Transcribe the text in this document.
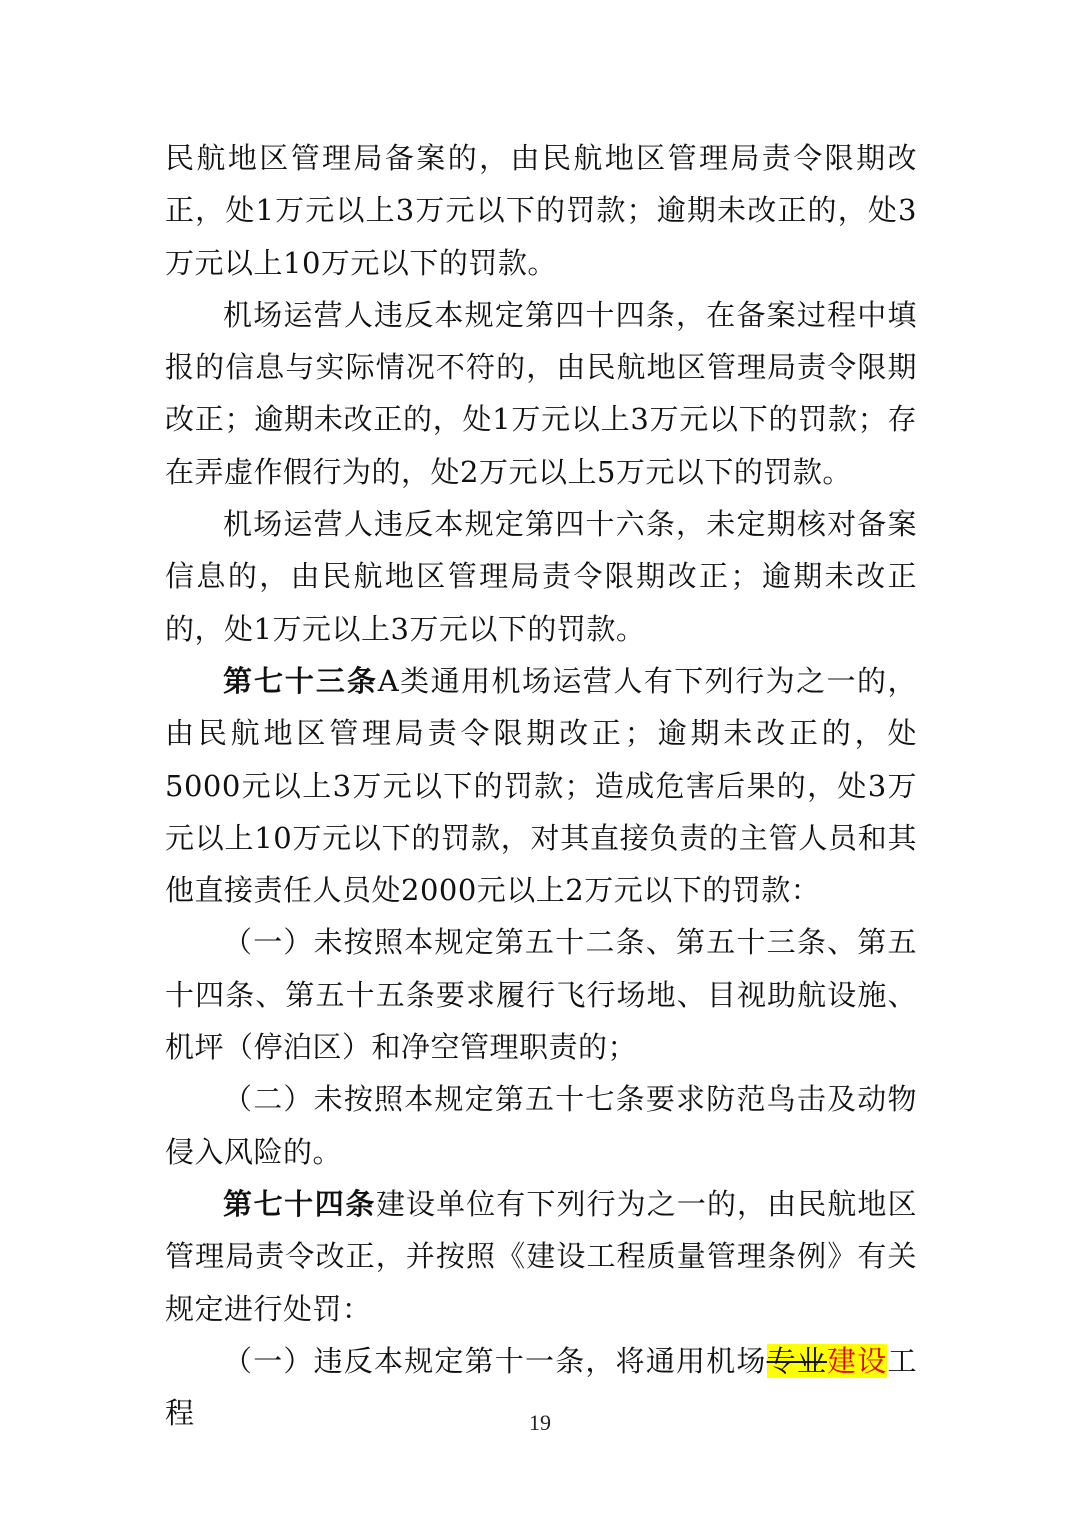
民航地区管理局备案的，由民航地区管理局责令限期改正，处1万元以上3万元以下的罚款；逾期未改正的，处3万元以上10万元以下的罚款。

机场运营人违反本规定第四十四条，在备案过程中填报的信息与实际情况不符的，由民航地区管理局责令限期改正；逾期未改正的，处1万元以上3万元以下的罚款；存在弄虚作假行为的，处2万元以上5万元以下的罚款。

机场运营人违反本规定第四十六条，未定期核对备案信息的，由民航地区管理局责令限期改正；逾期未改正的，处1万元以上3万元以下的罚款。

第七十三条A类通用机场运营人有下列行为之一的，由民航地区管理局责令限期改正；逾期未改正的，处5000元以上3万元以下的罚款；造成危害后果的，处3万元以上10万元以下的罚款，对其直接负责的主管人员和其他直接责任人员处2000元以上2万元以下的罚款：

（一）未按照本规定第五十二条、第五十三条、第五十四条、第五十五条要求履行飞行场地、目视助航设施、机坪（停泊区）和净空管理职责的；

（二）未按照本规定第五十七条要求防范鸟击及动物侵入风险的。

第七十四条建设单位有下列行为之一的，由民航地区管理局责令改正，并按照《建设工程质量管理条例》有关规定进行处罚：

（一）违反本规定第十一条，将通用机场专业建设工程	19
